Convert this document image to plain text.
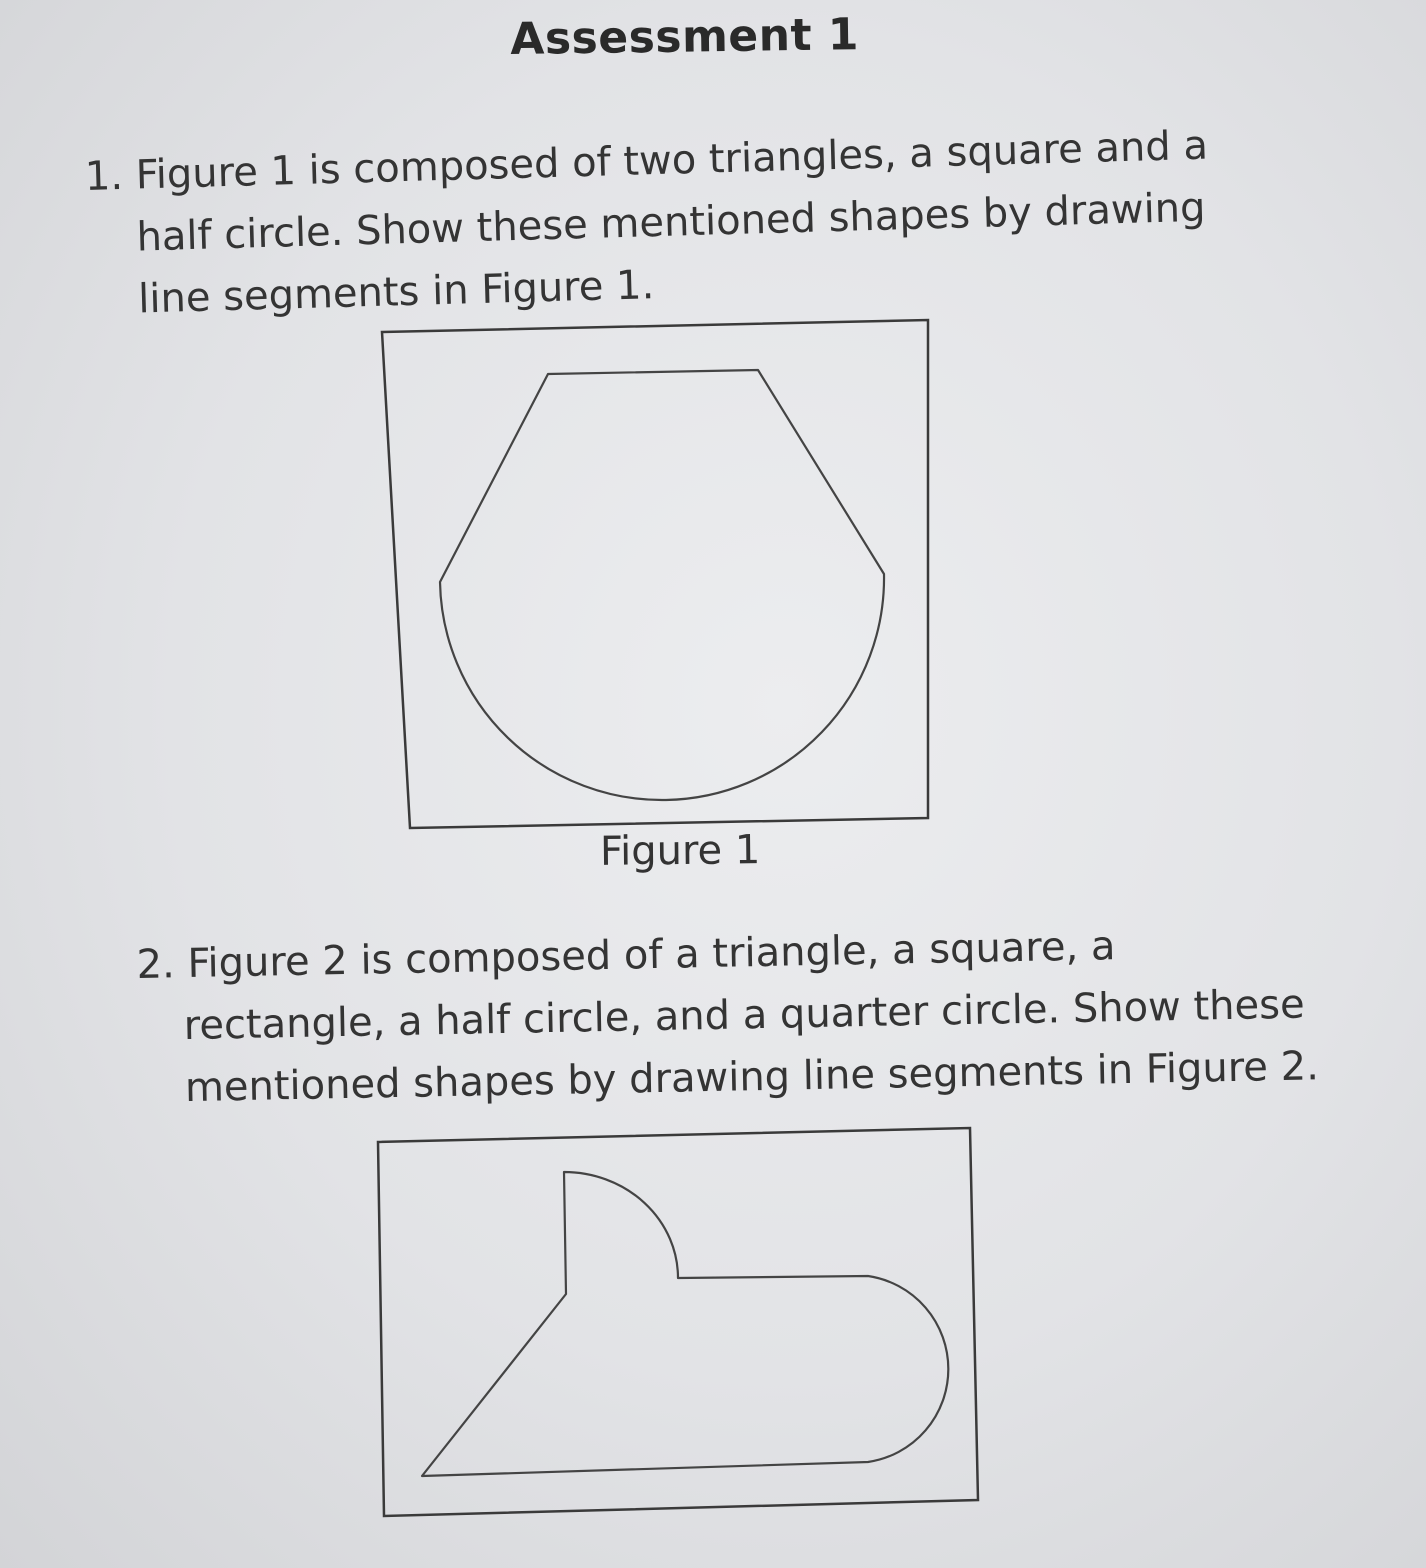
Assessment 1
1. Figure 1 is composed of two triangles, a square and a
half circle. Show these mentioned shapes by drawing
line segments in Figure 1.
Figure 1
2. Figure 2 is composed of a triangle, a square, a
rectangle, a half circle, and a quarter circle. Show these
mentioned shapes by drawing line segments in Figure 2.
